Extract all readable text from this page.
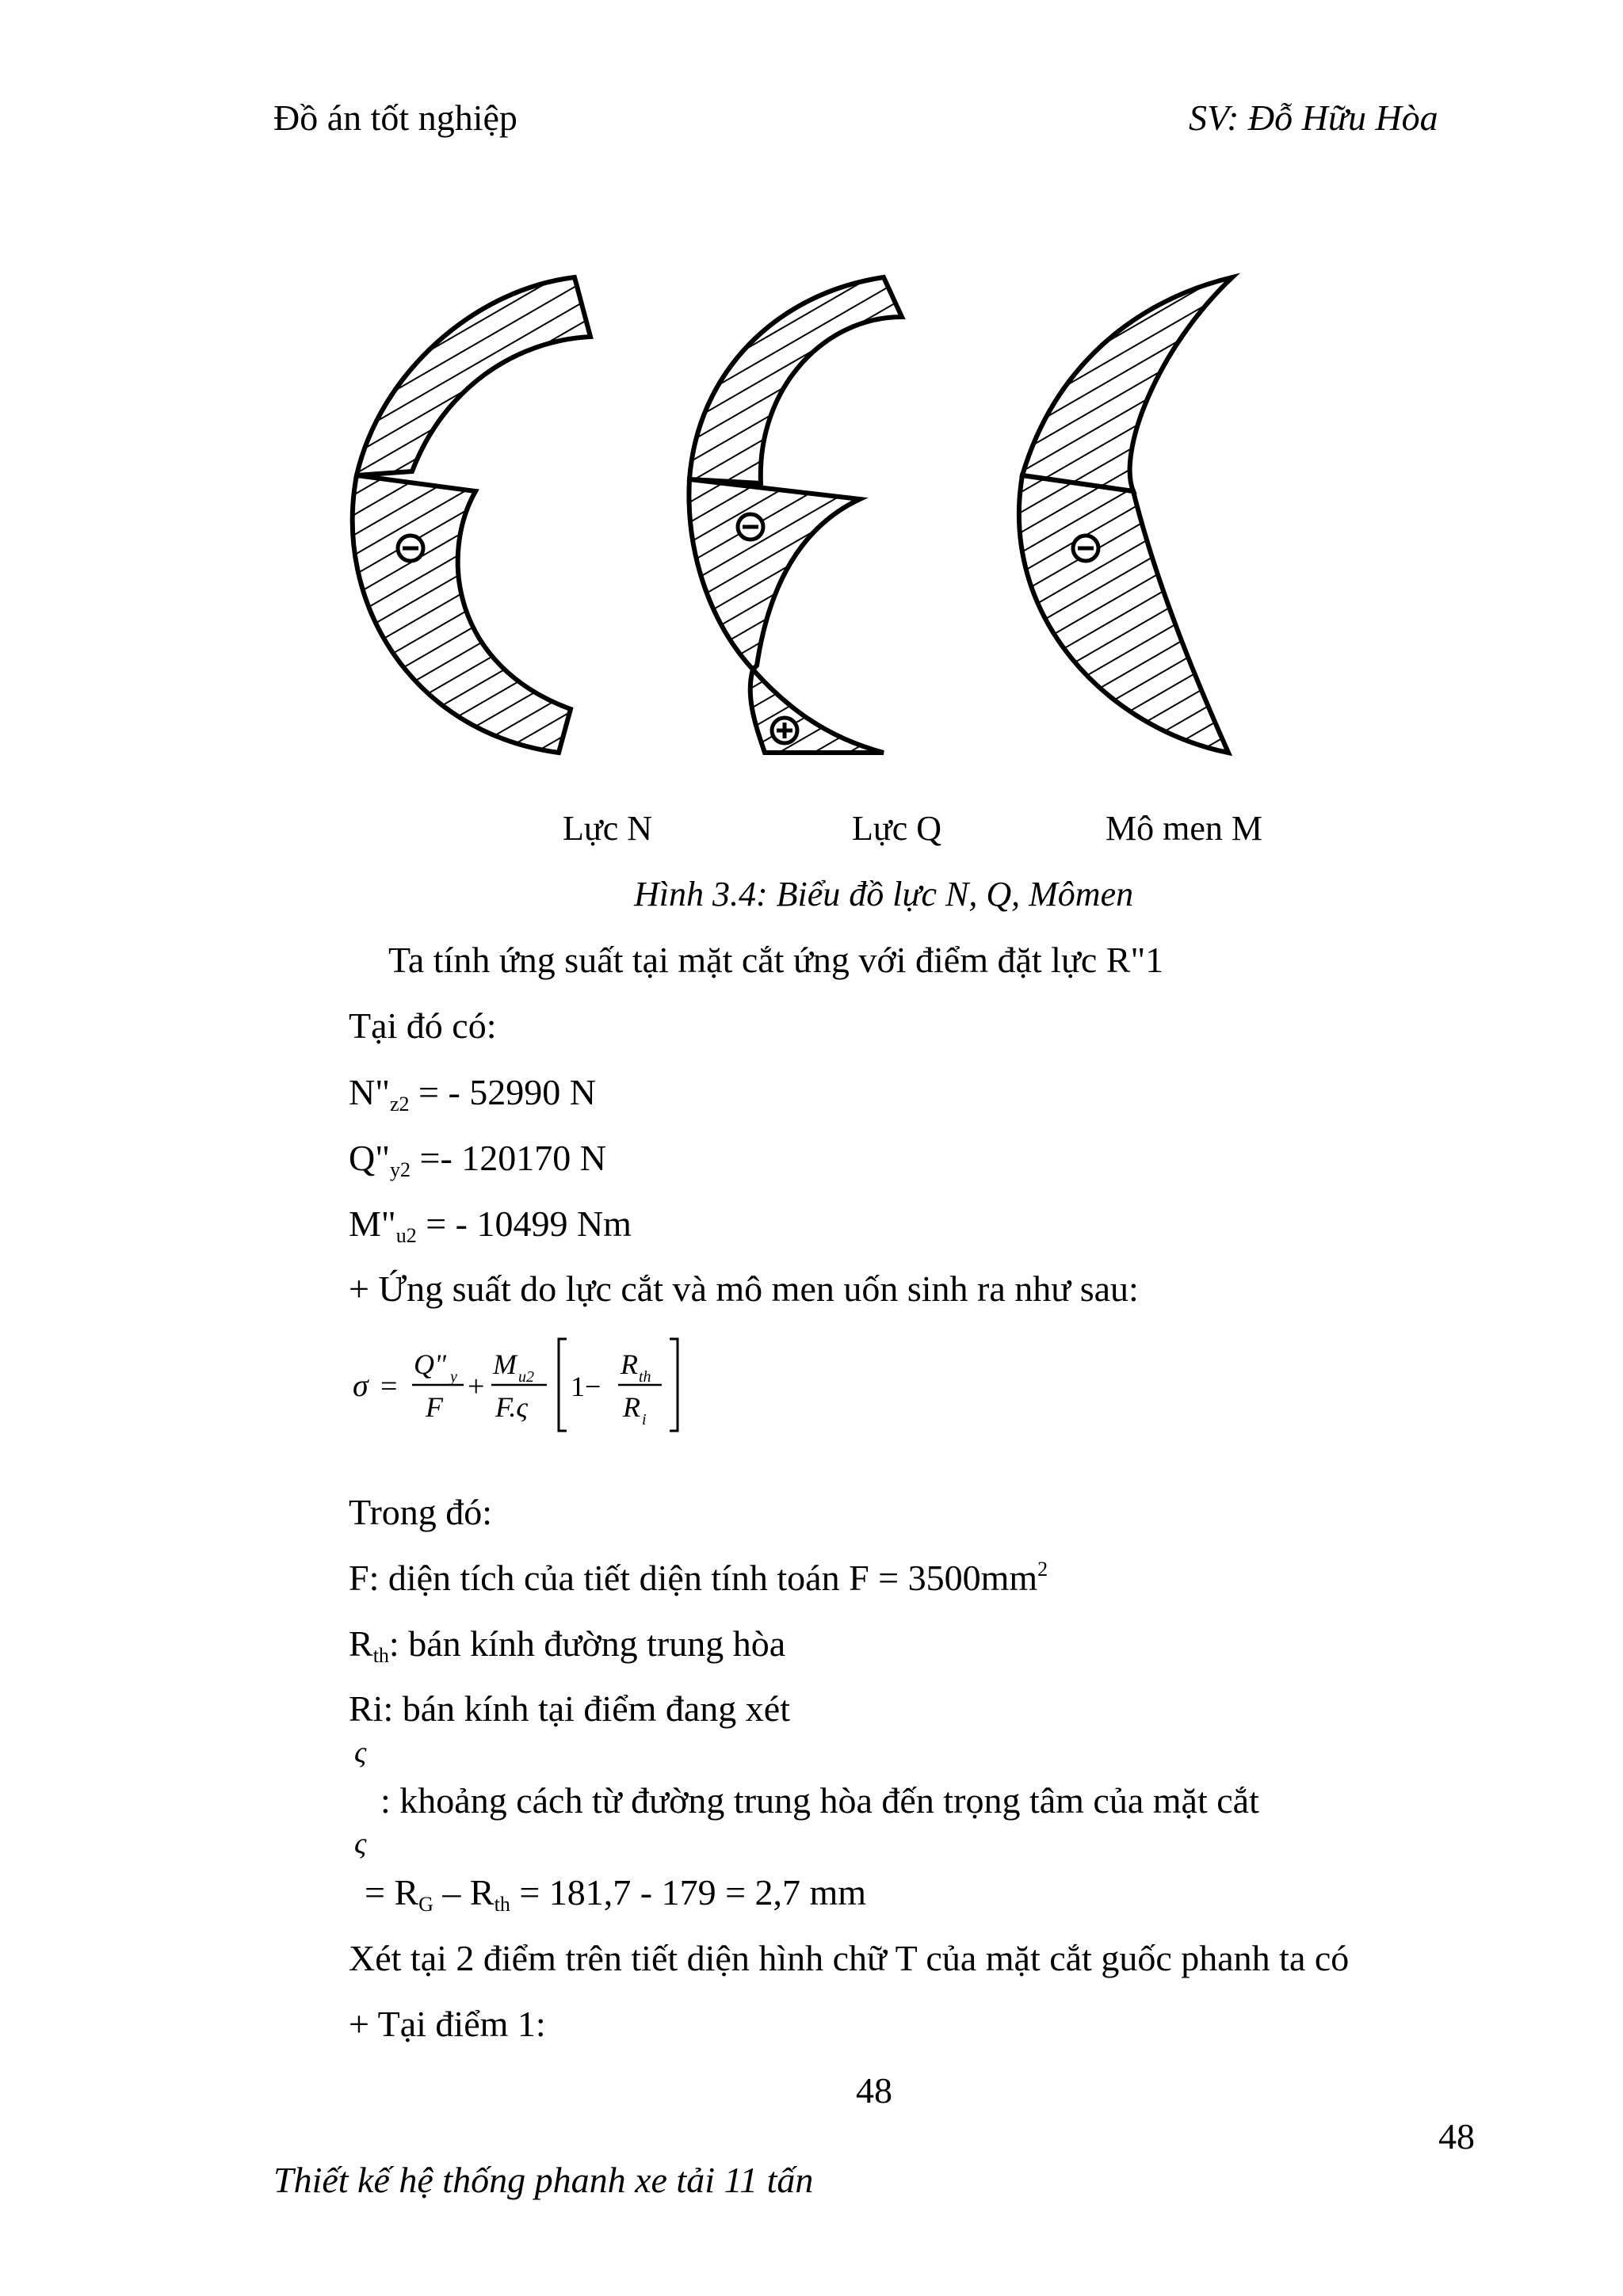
Đồ án tốt nghiệp	SV: Đỗ Hữu Hòa
Lực N	Lực Q	Mô men M
Hình 3.4: Biểu đồ lực N, Q, Mômen
Ta tính ứng suất tại mặt cắt ứng với điểm đặt lực R"1
Tại đó có:
$N"_{z2}$ = - 52990 N
$Q"_{y2} =- 120170$ N
$M"_{u2}$ = - 10499 Nm
+ Ứng suất do lực cắt và mô men uốn sinh ra như sau:
σ =
Q" y
F
+
M u2
F.ς
1−
R th
R i
Trong đó:
F: diện tích của tiết diện tính toán $F = 3500mm^2$
$R_{th}$: bán kính đường trung hòa
Ri: bán kính tại điểm đang xét
ς
: khoảng cách từ đường trung hòa đến trọng tâm của mặt cắt
ς
= $R_G - R_{th} = 181,7 - 179 = 2,7$ mm
Xét tại 2 điểm trên tiết diện hình chữ T của mặt cắt guốc phanh ta có
+ Tại điểm 1:
48
48
Thiết kế hệ thống phanh xe tải 11 tấn
